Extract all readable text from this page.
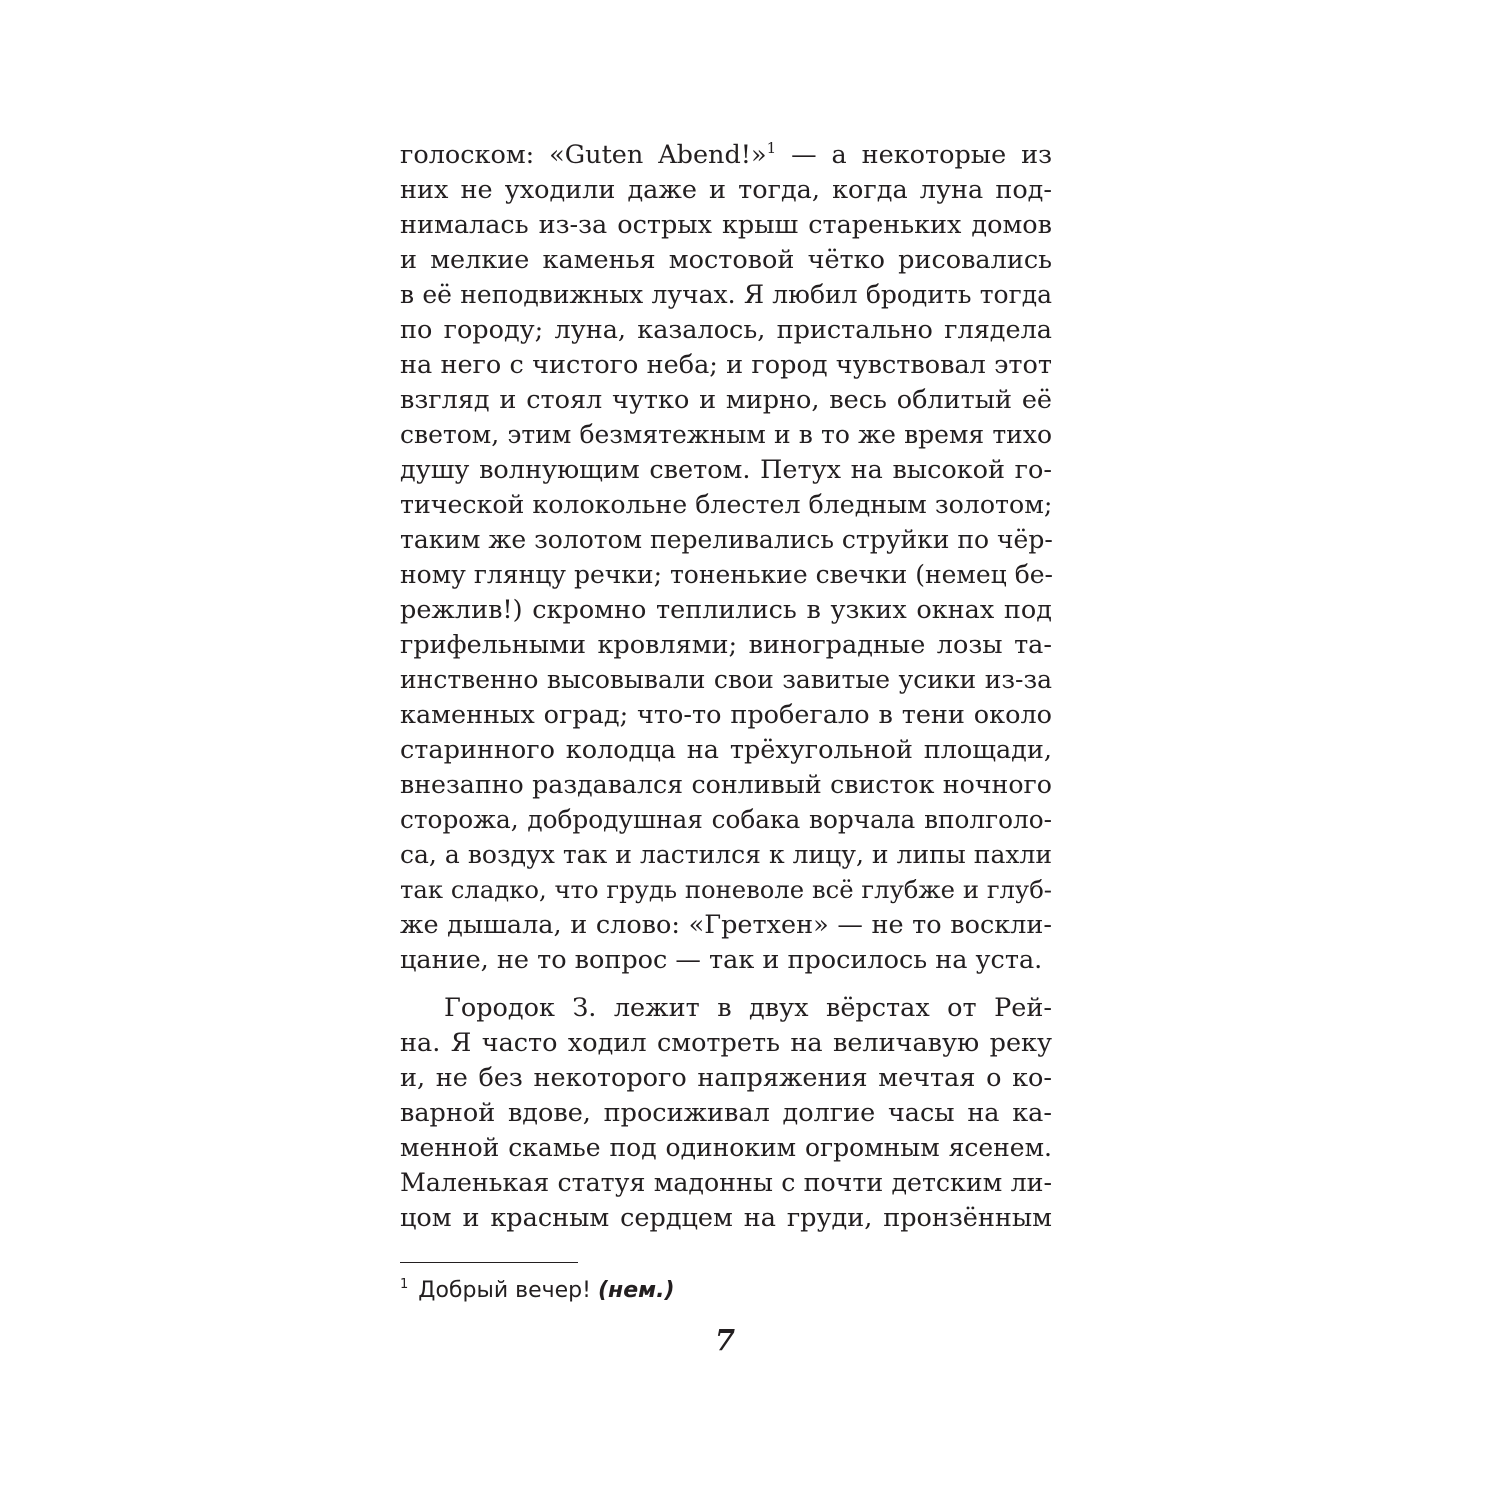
голоском: «Guten Abend!»$^1$ — а некоторые из
них не уходили даже и тогда, когда луна под-
нималась из-за острых крыш старенькиx домов
и мелкие каменья мостовой чётко рисовались
в её неподвижных лучах. Я любил бродить тогда
по городу; луна, казалось, пристально глядела
на него с чистого неба; и город чувствовал этот
взгляд и стоял чутко и мирно, весь облитый её
светом, этим безмятежным и в то же время тихо
душу волнующим светом. Петух на высокой го-
тической колокольне блестел бледным золотом;
таким же золотом переливались струйки по чёр-
ному глянцу речки; тоненькие свечки (немец бе-
режлив!) скромно теплились в узких окнах под
грифельными кровлями; виноградные лозы та-
инственно высовывали свои завитые усики из-за
каменных оград; что-то пробегало в тени около
старинного колодца на трёхугольной площади,
внезапно раздавался сонливый свисток ночного
сторожа, добродушная собака ворчала вполголо-
са, а воздух так и ластился к лицу, и липы пахли
так сладко, что грудь поневоле всё глубже и глуб-
же дышала, и слово: «Гретхен» — не то воскли-
цание, не то вопрос — так и просилось на уста.
Городок З. лежит в двух вёрстах от Рей-
на. Я часто ходил смотреть на величавую реку
и, не без некоторого напряжения мечтая о ко-
варной вдове, просиживал долгие часы на ка-
менной скамье под одиноким огромным ясенем.
Маленькая статуя мадонны с почти детским ли-
цом и красным сердцем на груди, пронзённым
$^1$ Добрый вечер! (нем.)
7
